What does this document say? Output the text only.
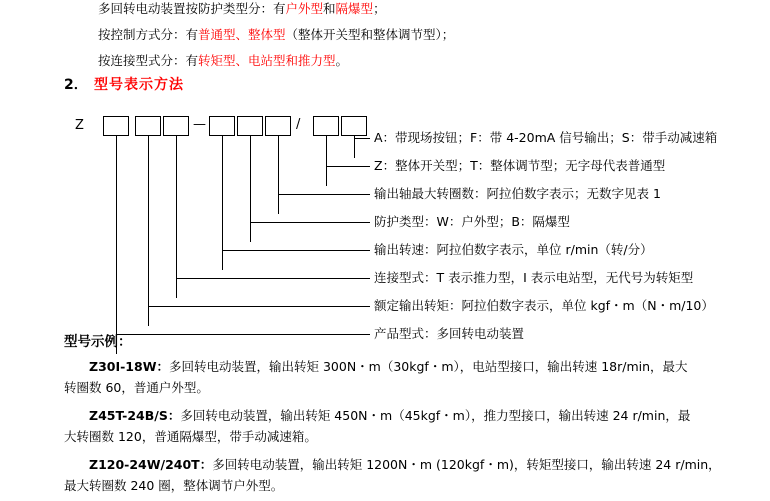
多回转电动装置按防护类型分：有户外型和隔爆型；

按控制方式分：有普通型、整体型（整体开关型和整体调节型）；

按连接型式分：有转矩型、电站型和推力型。

2． 型号表示方法
Z	—	/
A：带现场按钮；F：带 4-20mA 信号输出；S：带手动减速箱
Z：整体开关型；T：整体调节型；无字母代表普通型
输出轴最大转圈数：阿拉伯数字表示；无数字见表 1
防护类型：W：户外型；B：隔爆型
输出转速：阿拉伯数字表示，单位 r/min（转/分）
连接型式：T 表示推力型，I 表示电站型，无代号为转矩型
额定输出转矩：阿拉伯数字表示，单位 kgf・m（N・m/10）
产品型式：多回转电动装置
型号示例：
Z30I-18W：多回转电动装置，输出转矩 300N・m（30kgf・m），电站型接口，输出转速 18r/min，最大
转圈数 60，普通户外型。
Z45T-24B/S：多回转电动装置，输出转矩 450N・m（45kgf・m），推力型接口，输出转速 24 r/min，最
大转圈数 120，普通隔爆型，带手动减速箱。
Z120-24W/240T：多回转电动装置，输出转矩 1200N・m (120kgf・m)，转矩型接口，输出转速 24 r/min，
最大转圈数 240 圈，整体调节户外型。
